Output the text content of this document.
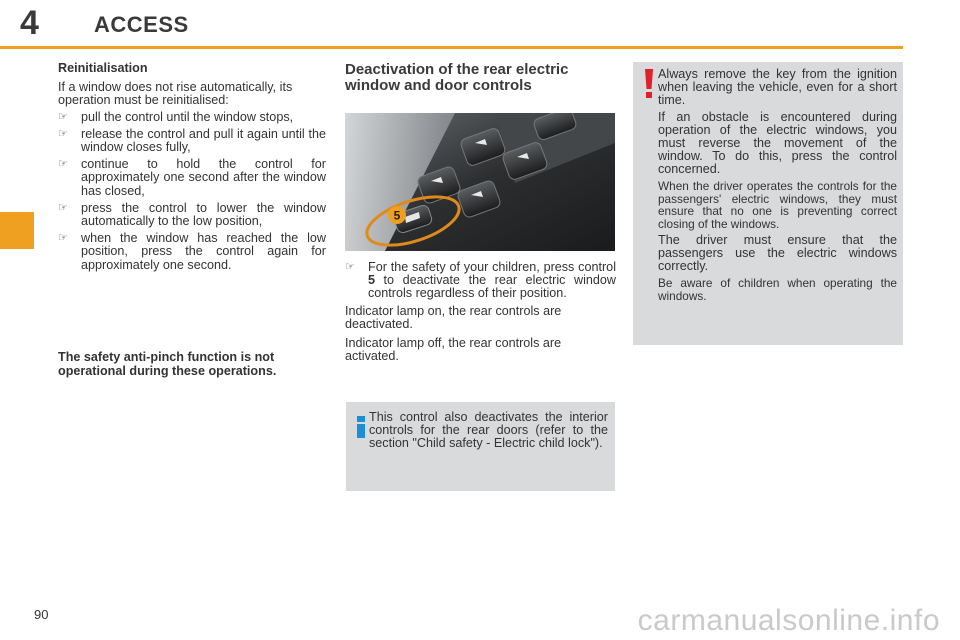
4	ACCESS

Reinitialisation

If a window does not rise automatically, its operation must be reinitialised:

☞ pull the control until the window stops,
☞ release the control and pull it again until the window closes fully,
☞ continue to hold the control for approximately one second after the window has closed,
☞ press the control to lower the window automatically to the low position,
☞ when the window has reached the low position, press the control again for approximately one second.
The safety anti-pinch function is not operational during these operations.

Deactivation of the rear electric window and door controls

5
☞ For the safety of your children, press control 5 to deactivate the rear electric window controls regardless of their position.

Indicator lamp on, the rear controls are deactivated.

Indicator lamp off, the rear controls are activated.

This control also deactivates the interior controls for the rear doors (refer to the section "Child safety - Electric child lock").

Always remove the key from the ignition when leaving the vehicle, even for a short time.

If an obstacle is encountered during operation of the electric windows, you must reverse the movement of the window. To do this, press the control concerned.

When the driver operates the controls for the passengers' electric windows, they must ensure that no one is preventing correct closing of the windows.

The driver must ensure that the passengers use the electric windows correctly.

Be aware of children when operating the windows.

90	carmanualsonline.info
